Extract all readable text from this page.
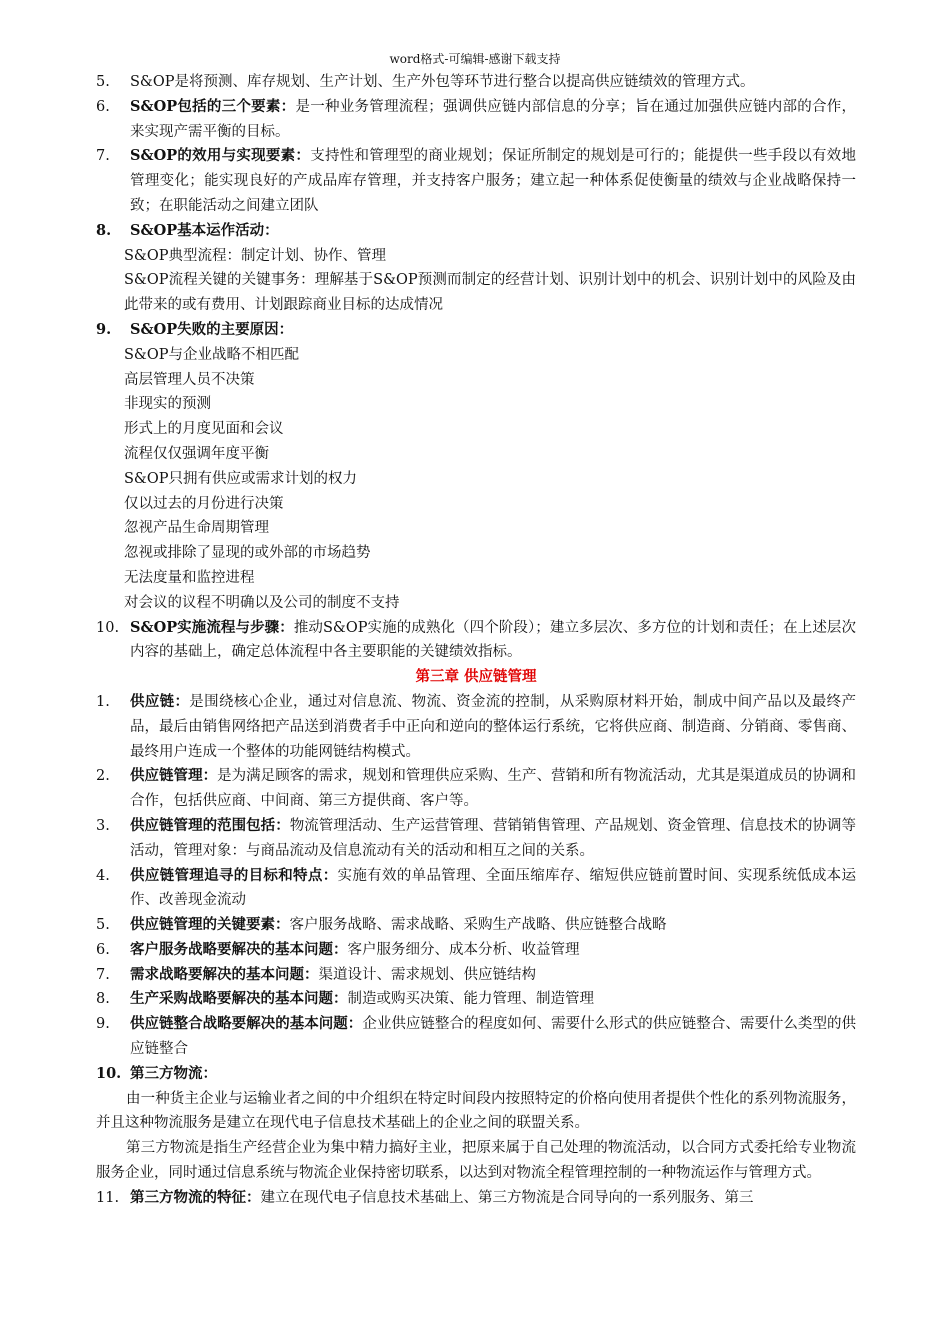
word格式-可编辑-感谢下载支持
5. S&OP是将预测、库存规划、生产计划、生产外包等环节进行整合以提高供应链绩效的管理方式。
6. S&OP包括的三个要素：是一种业务管理流程；强调供应链内部信息的分享；旨在通过加强供应链内部的合作，来实现产需平衡的目标。
7. S&OP的效用与实现要素：支持性和管理型的商业规划；保证所制定的规划是可行的；能提供一些手段以有效地管理变化；能实现良好的产成品库存管理，并支持客户服务；建立起一种体系促使衡量的绩效与企业战略保持一致；在职能活动之间建立团队
8. S&OP基本运作活动：
S&OP典型流程：制定计划、协作、管理
S&OP流程关键的关键事务：理解基于S&OP预测而制定的经营计划、识别计划中的机会、识别计划中的风险及由此带来的或有费用、计划跟踪商业目标的达成情况
9. S&OP失败的主要原因：
S&OP与企业战略不相匹配
高层管理人员不决策
非现实的预测
形式上的月度见面和会议
流程仅仅强调年度平衡
S&OP只拥有供应或需求计划的权力
仅以过去的月份进行决策
忽视产品生命周期管理
忽视或排除了显现的或外部的市场趋势
无法度量和监控进程
对会议的议程不明确以及公司的制度不支持
10. S&OP实施流程与步骤：推动S&OP实施的成熟化（四个阶段）；建立多层次、多方位的计划和责任；在上述层次内容的基础上，确定总体流程中各主要职能的关键绩效指标。
第三章 供应链管理
1. 供应链：是围绕核心企业，通过对信息流、物流、资金流的控制，从采购原材料开始，制成中间产品以及最终产品，最后由销售网络把产品送到消费者手中正向和逆向的整体运行系统，它将供应商、制造商、分销商、零售商、最终用户连成一个整体的功能网链结构模式。
2. 供应链管理：是为满足顾客的需求，规划和管理供应采购、生产、营销和所有物流活动，尤其是渠道成员的协调和合作，包括供应商、中间商、第三方提供商、客户等。
3. 供应链管理的范围包括：物流管理活动、生产运营管理、营销销售管理、产品规划、资金管理、信息技术的协调等活动，管理对象：与商品流动及信息流动有关的活动和相互之间的关系。
4. 供应链管理追寻的目标和特点：实施有效的单品管理、全面压缩库存、缩短供应链前置时间、实现系统低成本运作、改善现金流动
5. 供应链管理的关键要素：客户服务战略、需求战略、采购生产战略、供应链整合战略
6. 客户服务战略要解决的基本问题：客户服务细分、成本分析、收益管理
7. 需求战略要解决的基本问题：渠道设计、需求规划、供应链结构
8. 生产采购战略要解决的基本问题：制造或购买决策、能力管理、制造管理
9. 供应链整合战略要解决的基本问题：企业供应链整合的程度如何、需要什么形式的供应链整合、需要什么类型的供应链整合
10. 第三方物流：
由一种货主企业与运输业者之间的中介组织在特定时间段内按照特定的价格向使用者提供个性化的系列物流服务，并且这种物流服务是建立在现代电子信息技术基础上的企业之间的联盟关系。
第三方物流是指生产经营企业为集中精力搞好主业，把原来属于自己处理的物流活动，以合同方式委托给专业物流服务企业，同时通过信息系统与物流企业保持密切联系，以达到对物流全程管理控制的一种物流运作与管理方式。
11. 第三方物流的特征：建立在现代电子信息技术基础上、第三方物流是合同导向的一系列服务、第三
